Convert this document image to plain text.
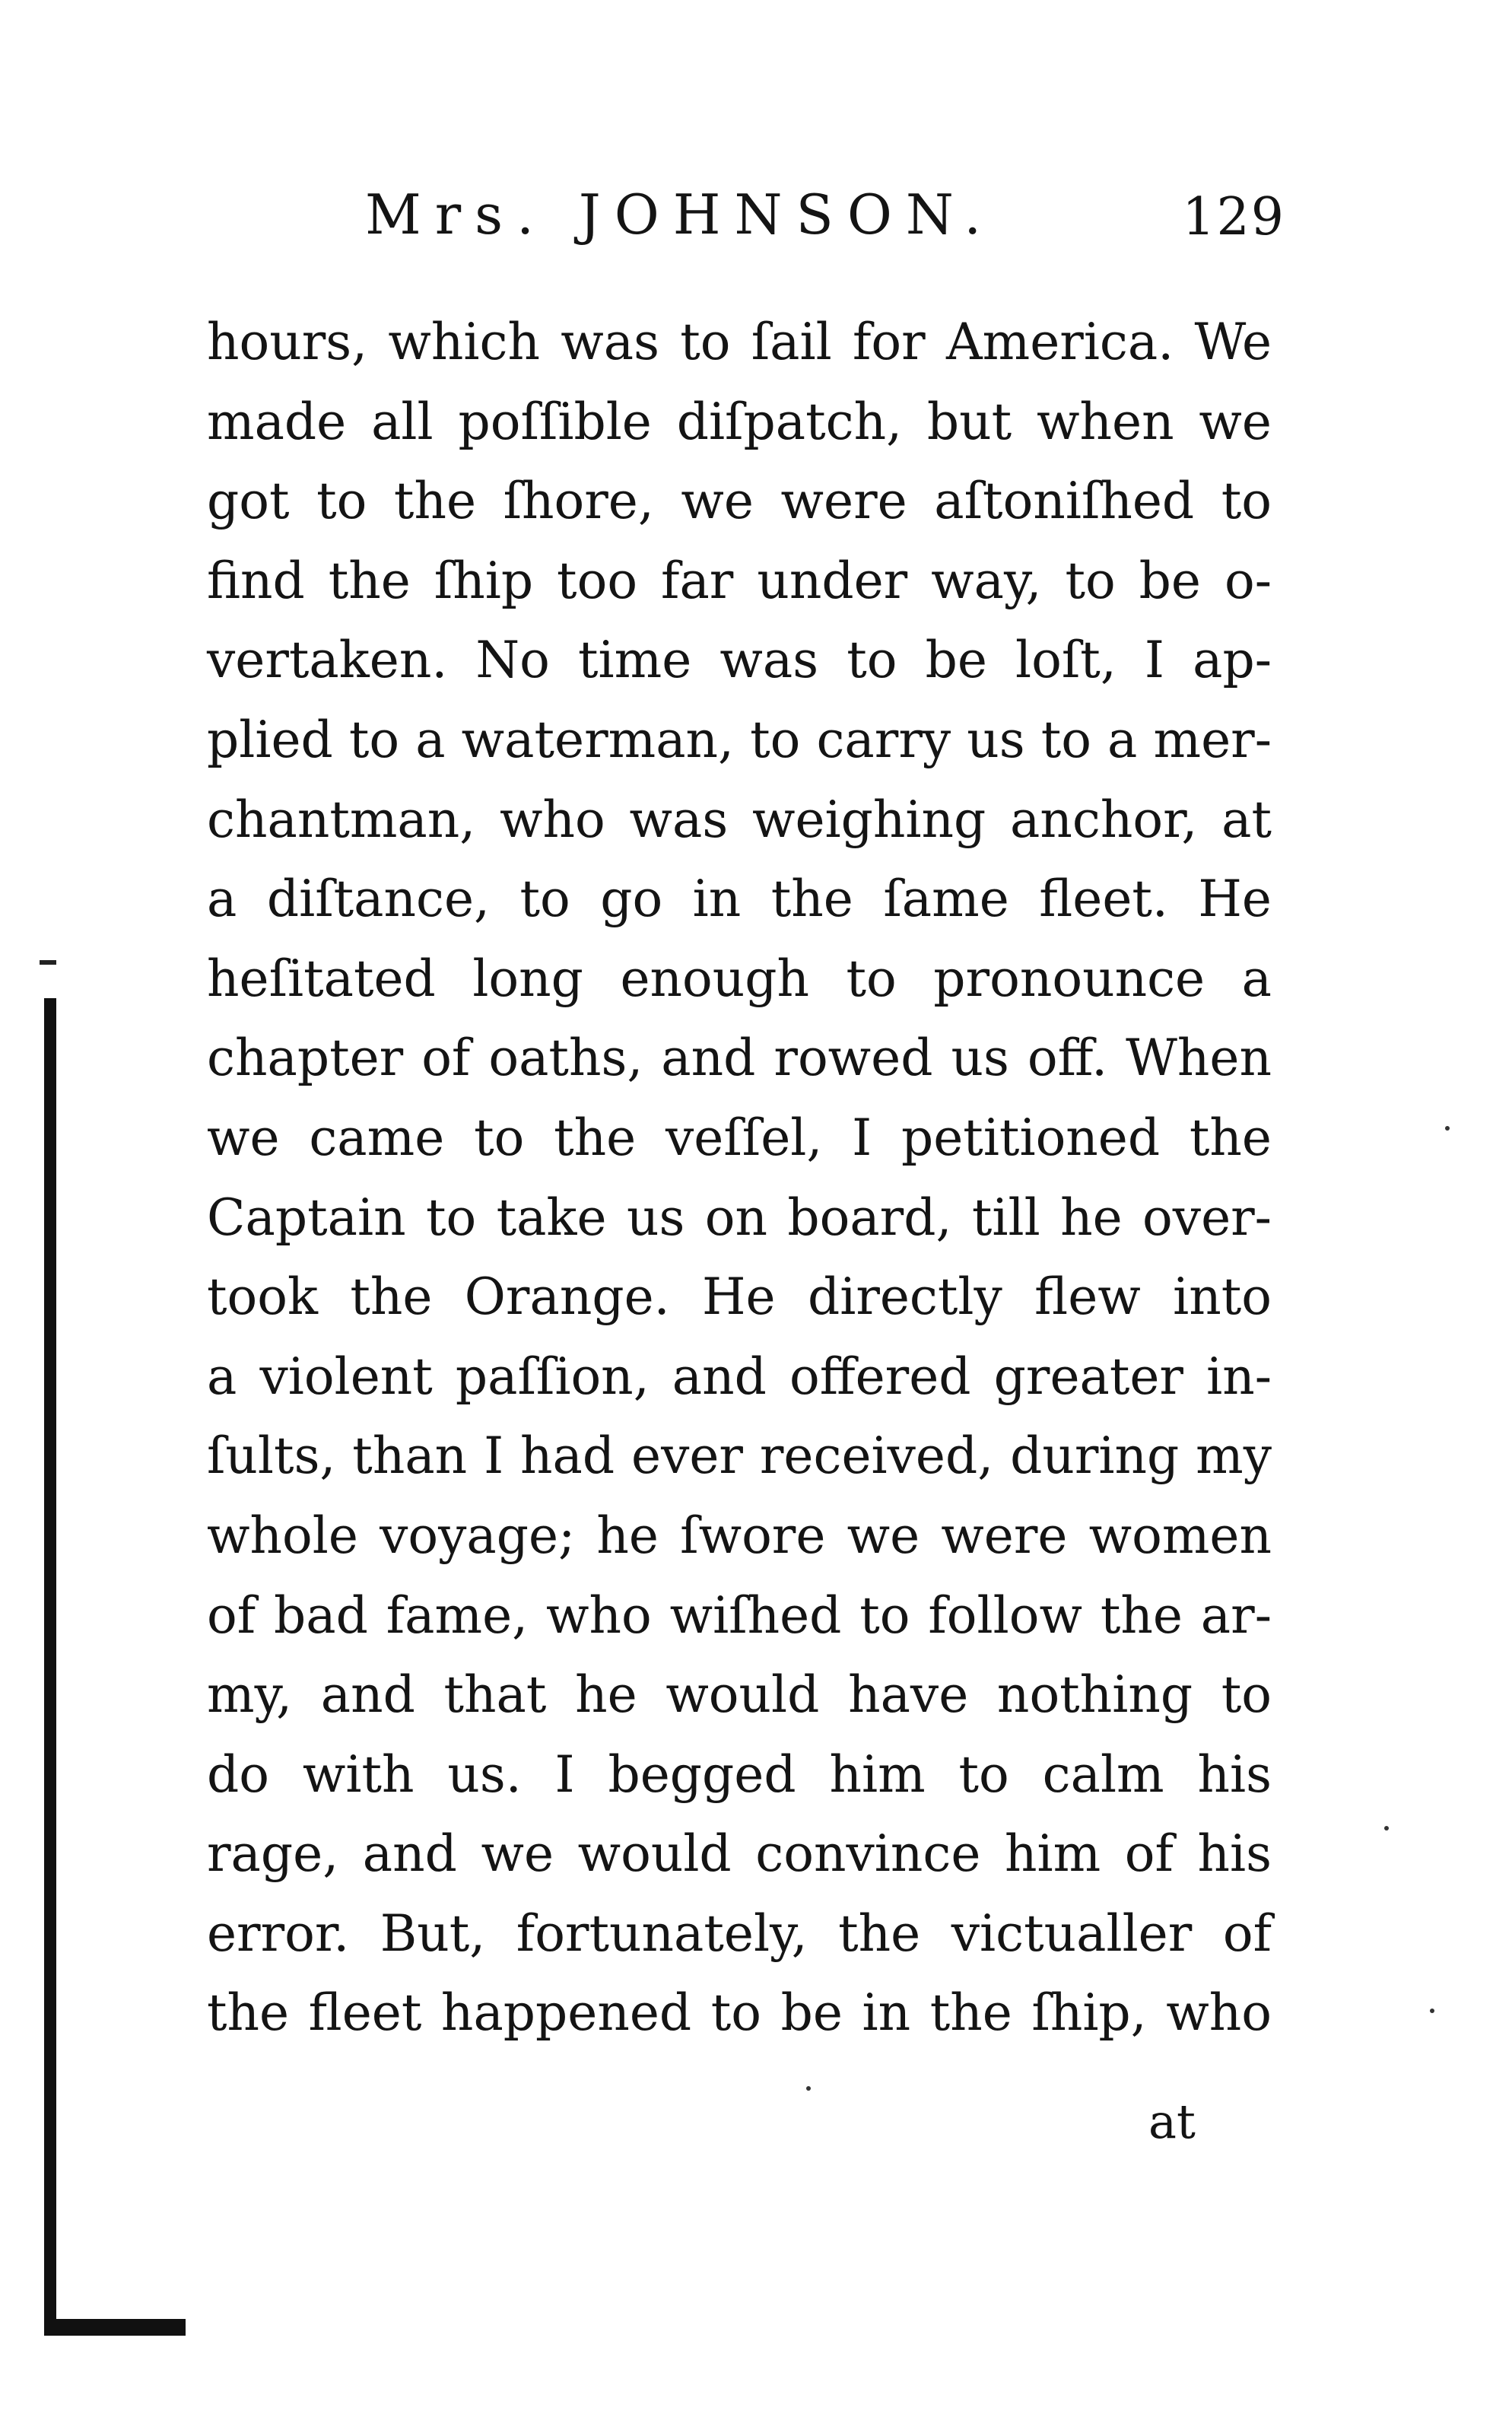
Mrs. JOHNSON.	129
hours, which was to ſail for America. We
made all poſſible diſpatch, but when we
got to the ſhore, we were aſtoniſhed to
find the ſhip too far under way, to be o-
vertaken. No time was to be loſt, I ap-
plied to a waterman, to carry us to a mer-
chantman, who was weighing anchor, at
a diſtance, to go in the ſame fleet. He
heſitated long enough to pronounce a
chapter of oaths, and rowed us off. When
we came to the veſſel, I petitioned the
Captain to take us on board, till he over-
took the Orange. He directly flew into
a violent paſſion, and offered greater in-
ſults, than I had ever received, during my
whole voyage; he ſwore we were women
of bad fame, who wiſhed to follow the ar-
my, and that he would have nothing to
do with us. I begged him to calm his
rage, and we would convince him of his
error. But, fortunately, the victualler of
the fleet happened to be in the ſhip, who
at
